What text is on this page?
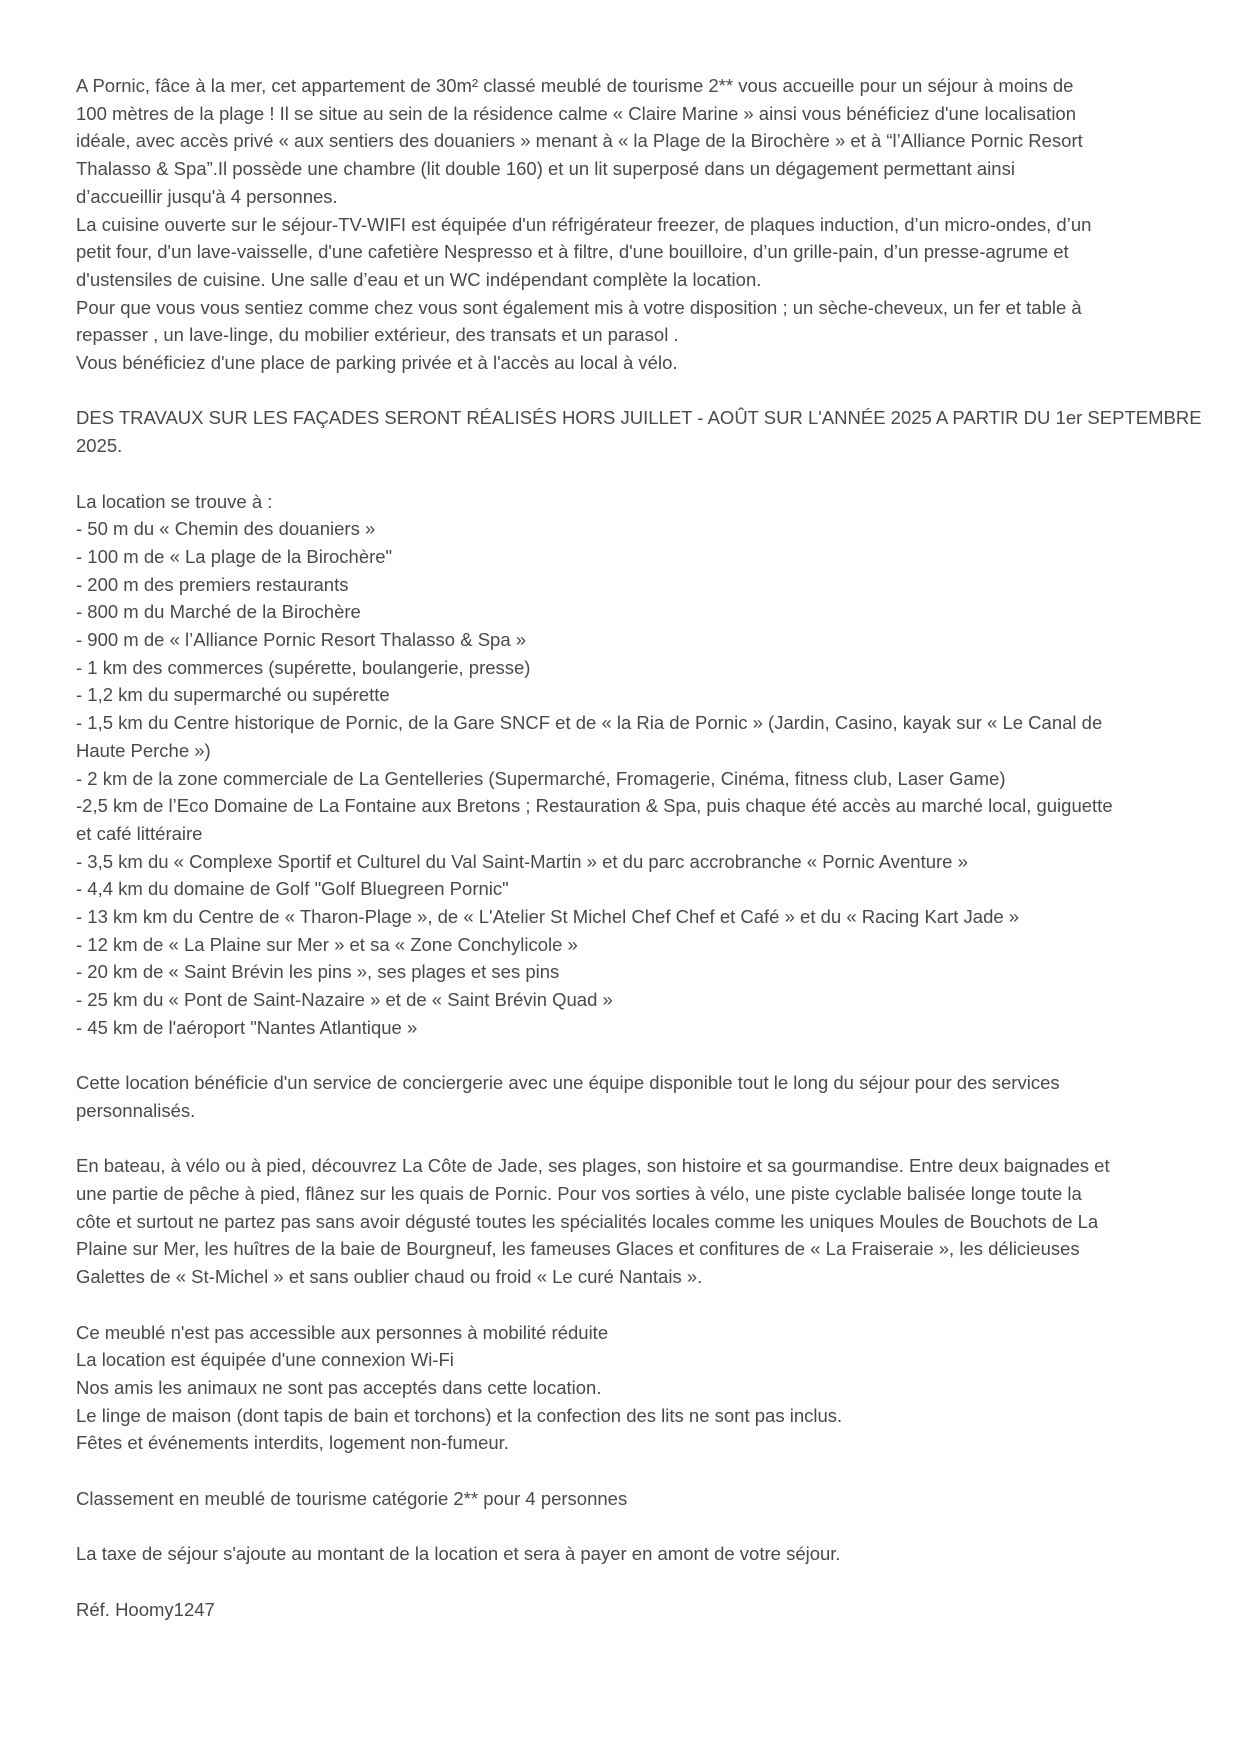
A Pornic, fâce à la mer, cet appartement de 30m² classé meublé de tourisme 2** vous accueille pour un séjour à moins de
100 mètres de la plage ! Il se situe au sein de la résidence calme « Claire Marine » ainsi vous bénéficiez d'une localisation
idéale, avec accès privé « aux sentiers des douaniers » menant à « la Plage de la Birochère » et à “l’Alliance Pornic Resort
Thalasso & Spa”.Il possède une chambre (lit double 160) et un lit superposé dans un dégagement permettant ainsi
d’accueillir jusqu'à 4 personnes.
La cuisine ouverte sur le séjour-TV-WIFI est équipée d'un réfrigérateur freezer, de plaques induction, d’un micro-ondes, d’un
petit four, d'un lave-vaisselle, d'une cafetière Nespresso et à filtre, d'une bouilloire, d’un grille-pain, d’un presse-agrume et
d'ustensiles de cuisine. Une salle d’eau et un WC indépendant complète la location.
Pour que vous vous sentiez comme chez vous sont également mis à votre disposition ; un sèche-cheveux, un fer et table à
repasser , un lave-linge, du mobilier extérieur, des transats et un parasol .
Vous bénéficiez d'une place de parking privée et à l'accès au local à vélo.
DES TRAVAUX SUR LES FAÇADES SERONT RÉALISÉS HORS JUILLET - AOÛT SUR L'ANNÉE 2025 A PARTIR DU 1er SEPTEMBRE
2025.
La location se trouve à :
- 50 m du « Chemin des douaniers »
- 100 m de « La plage de la Birochère"
- 200 m des premiers restaurants
- 800 m du Marché de la Birochère
- 900 m de « l’Alliance Pornic Resort Thalasso & Spa »
- 1 km des commerces (supérette, boulangerie, presse)
- 1,2 km du supermarché ou supérette
- 1,5 km du Centre historique de Pornic, de la Gare SNCF et de « la Ria de Pornic » (Jardin, Casino, kayak sur « Le Canal de
Haute Perche »)
- 2 km de la zone commerciale de La Gentelleries (Supermarché, Fromagerie, Cinéma, fitness club, Laser Game)
-2,5 km de l’Eco Domaine de La Fontaine aux Bretons ; Restauration & Spa, puis chaque été accès au marché local, guiguette
et café littéraire
- 3,5 km du « Complexe Sportif et Culturel du Val Saint-Martin » et du parc accrobranche « Pornic Aventure »
- 4,4 km du domaine de Golf "Golf Bluegreen Pornic"
- 13 km km du Centre de « Tharon-Plage », de « L'Atelier St Michel Chef Chef et Café » et du « Racing Kart Jade »
- 12 km de « La Plaine sur Mer » et sa « Zone Conchylicole »
- 20 km de « Saint Brévin les pins », ses plages et ses pins
- 25 km du « Pont de Saint-Nazaire » et de « Saint Brévin Quad »
- 45 km de l'aéroport "Nantes Atlantique »
Cette location bénéficie d'un service de conciergerie avec une équipe disponible tout le long du séjour pour des services
personnalisés.
En bateau, à vélo ou à pied, découvrez La Côte de Jade, ses plages, son histoire et sa gourmandise. Entre deux baignades et
une partie de pêche à pied, flânez sur les quais de Pornic. Pour vos sorties à vélo, une piste cyclable balisée longe toute la
côte et surtout ne partez pas sans avoir dégusté toutes les spécialités locales comme les uniques Moules de Bouchots de La
Plaine sur Mer, les huîtres de la baie de Bourgneuf, les fameuses Glaces et confitures de « La Fraiseraie », les délicieuses
Galettes de « St-Michel » et sans oublier chaud ou froid « Le curé Nantais ».
Ce meublé n'est pas accessible aux personnes à mobilité réduite
La location est équipée d'une connexion Wi-Fi
Nos amis les animaux ne sont pas acceptés dans cette location.
Le linge de maison (dont tapis de bain et torchons) et la confection des lits ne sont pas inclus.
Fêtes et événements interdits, logement non-fumeur.
Classement en meublé de tourisme catégorie 2** pour 4 personnes
La taxe de séjour s'ajoute au montant de la location et sera à payer en amont de votre séjour.
Réf. Hoomy1247
